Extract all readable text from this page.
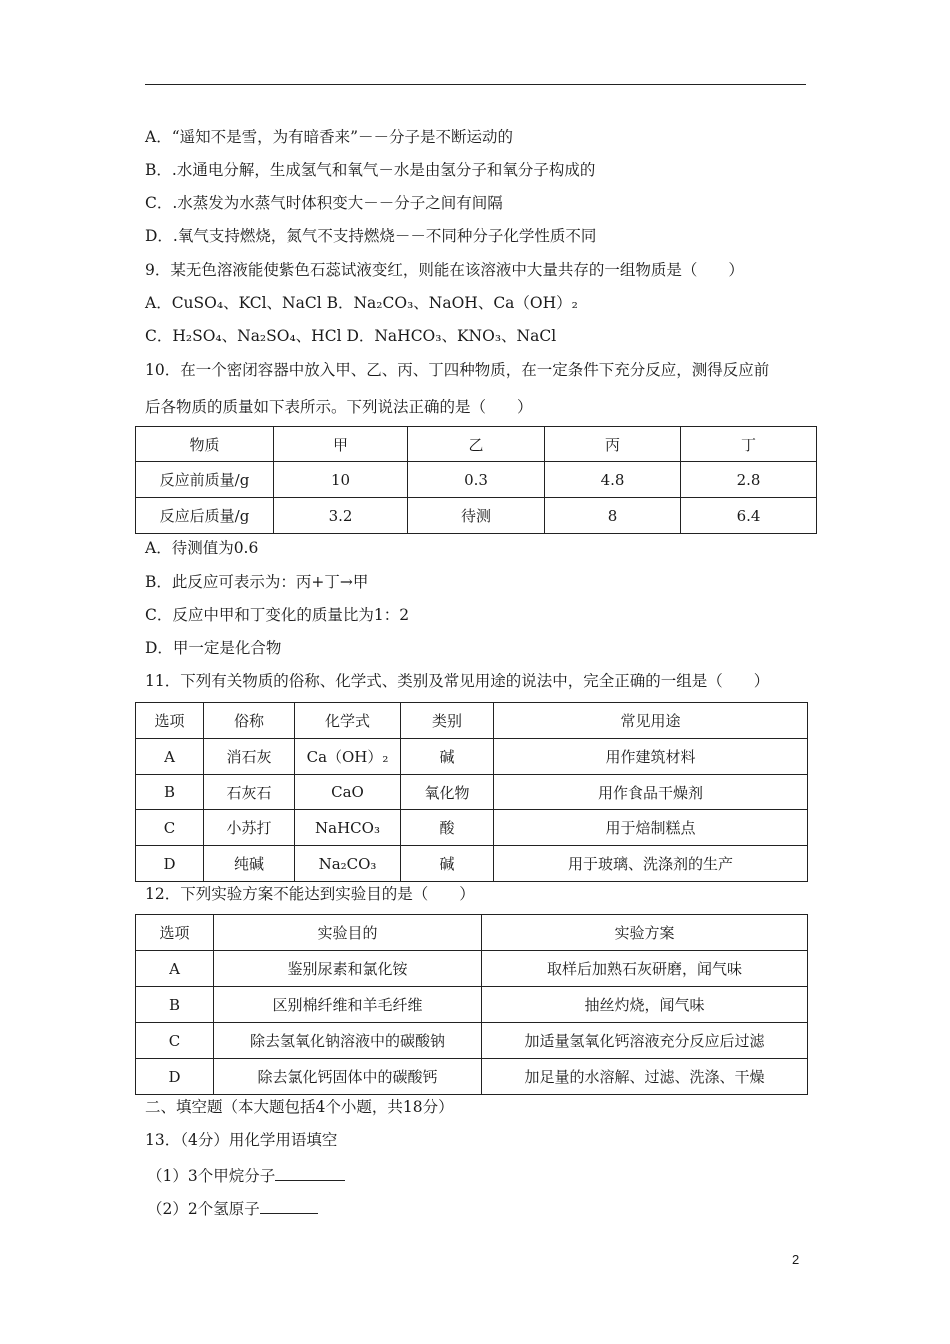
A．“遥知不是雪，为有暗香来”－－分子是不断运动的
B．.水通电分解，生成氢气和氧气－水是由氢分子和氧分子构成的
C．.水蒸发为水蒸气时体积变大－－分子之间有间隔
D．.氧气支持燃烧，氮气不支持燃烧－－不同种分子化学性质不同
9．某无色溶液能使紫色石蕊试液变红，则能在该溶液中大量共存的一组物质是（　　）
A．CuSO₄、KCl、NaCl B．Na₂CO₃、NaOH、Ca（OH）₂
C．H₂SO₄、Na₂SO₄、HCl D．NaHCO₃、KNO₃、NaCl
10．在一个密闭容器中放入甲、乙、丙、丁四种物质，在一定条件下充分反应，测得反应前
后各物质的质量如下表所示。下列说法正确的是（　　）
物质	甲	乙	丙	丁
反应前质量/g	10	0.3	4.8	2.8
反应后质量/g	3.2	待测	8	6.4
A．待测值为0.6
B．此反应可表示为：丙+丁→甲
C．反应中甲和丁变化的质量比为1：2
D．甲一定是化合物
11．下列有关物质的俗称、化学式、类别及常见用途的说法中，完全正确的一组是（　　）
选项	俗称	化学式	类别	常见用途
A	消石灰	Ca（OH）₂	碱	用作建筑材料
B	石灰石	CaO	氧化物	用作食品干燥剂
C	小苏打	NaHCO₃	酸	用于焙制糕点
D	纯碱	Na₂CO₃	碱	用于玻璃、洗涤剂的生产
12．下列实验方案不能达到实验目的是（　　）
选项	实验目的	实验方案
A	鉴别尿素和氯化铵	取样后加熟石灰研磨，闻气味
B	区别棉纤维和羊毛纤维	抽丝灼烧，闻气味
C	除去氢氧化钠溶液中的碳酸钠	加适量氢氧化钙溶液充分反应后过滤
D	除去氯化钙固体中的碳酸钙	加足量的水溶解、过滤、洗涤、干燥
二、填空题（本大题包括4个小题，共18分）
13．（4分）用化学用语填空
（1）3个甲烷分子
（2）2个氢原子
2
